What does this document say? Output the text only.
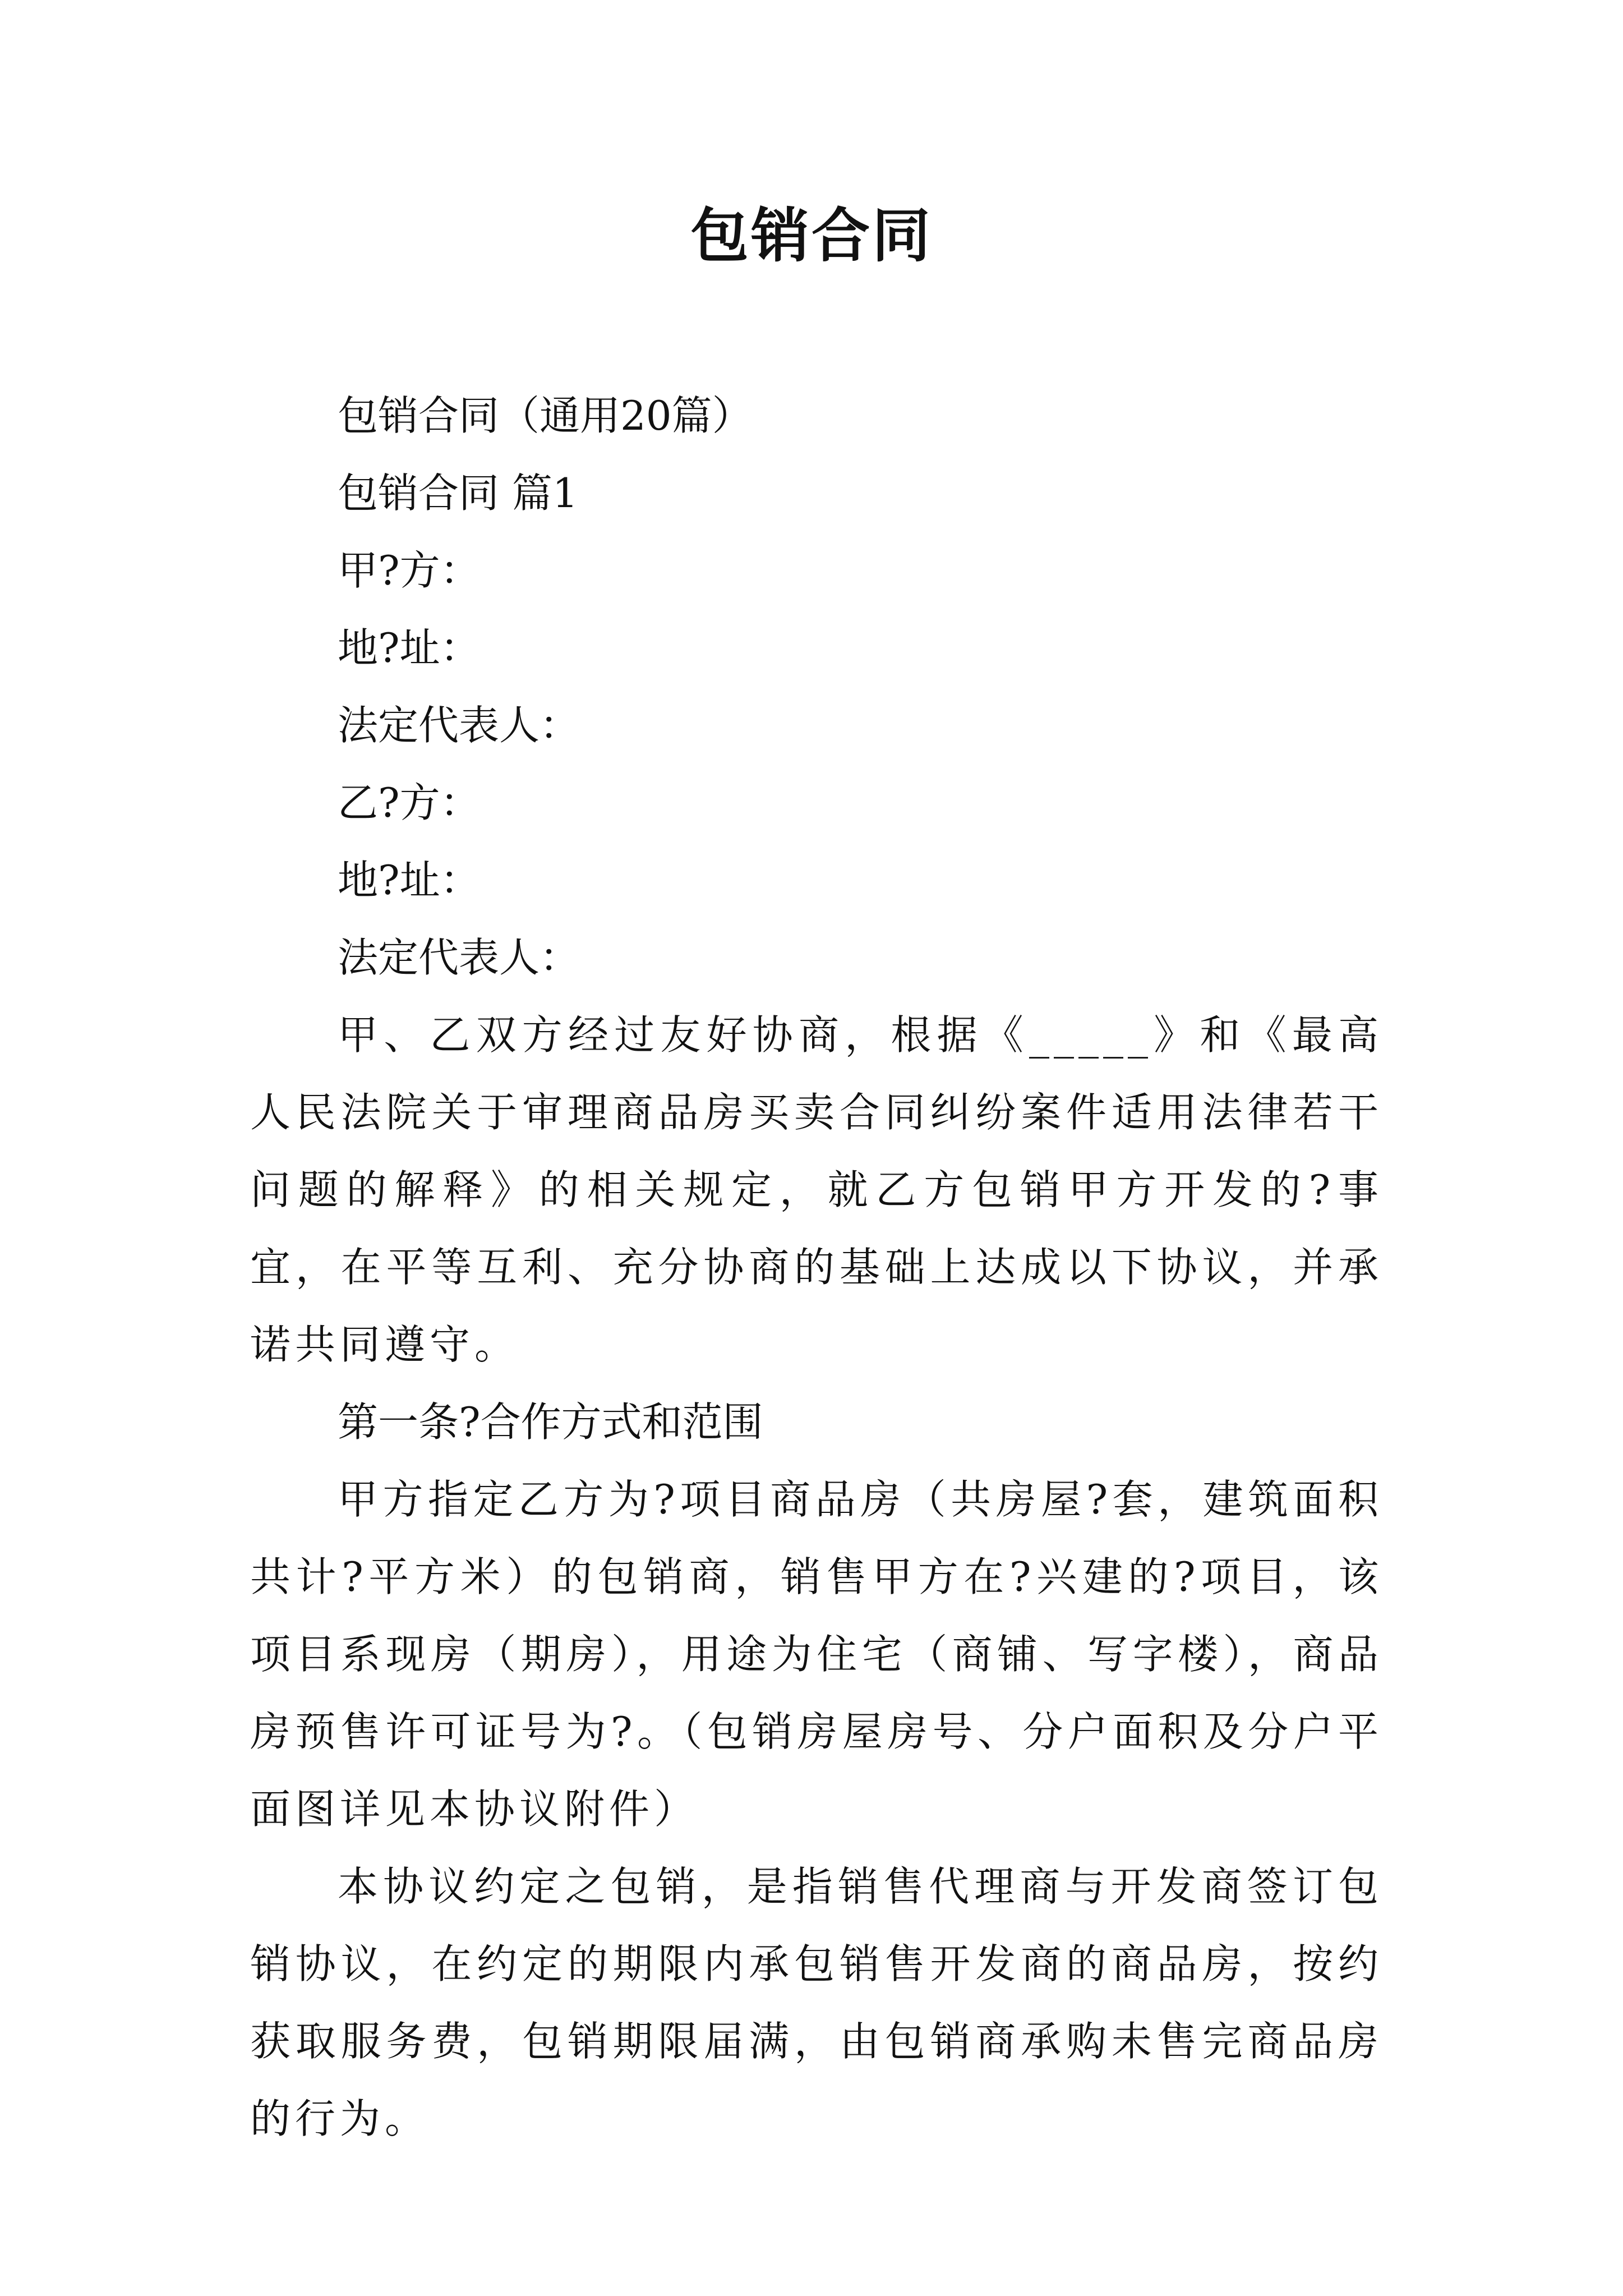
包销合同
包销合同（通用20篇）
包销合同 篇1
甲?方：
地?址：
法定代表人：
乙?方：
地?址：
法定代表人：
甲、乙双方经过友好协商，根据《_____》和《最高人民法院关于审理商品房买卖合同纠纷案件适用法律若干问题的解释》的相关规定，就乙方包销甲方开发的?事宜，在平等互利、充分协商的基础上达成以下协议，并承诺共同遵守。
第一条?合作方式和范围
甲方指定乙方为?项目商品房（共房屋?套，建筑面积共计?平方米）的包销商，销售甲方在?兴建的?项目，该项目系现房（期房），用途为住宅（商铺、写字楼），商品房预售许可证号为?。（包销房屋房号、分户面积及分户平面图详见本协议附件）
本协议约定之包销，是指销售代理商与开发商签订包销协议，在约定的期限内承包销售开发商的商品房，按约获取服务费，包销期限届满，由包销商承购未售完商品房的行为。
